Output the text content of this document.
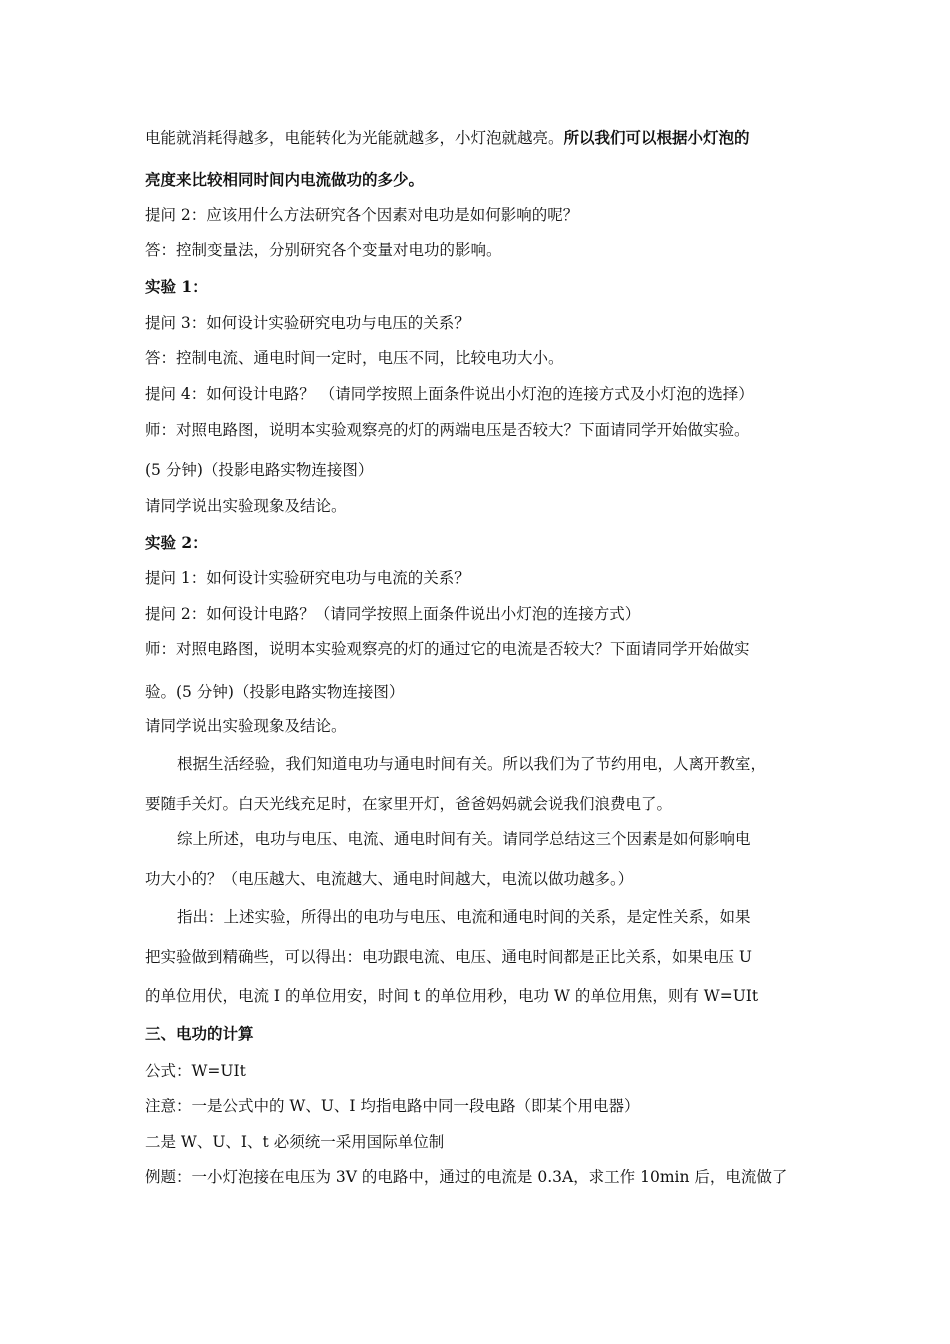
电能就消耗得越多，电能转化为光能就越多，小灯泡就越亮。所以我们可以根据小灯泡的
亮度来比较相同时间内电流做功的多少。
提问 2：应该用什么方法研究各个因素对电功是如何影响的呢？
答：控制变量法，分别研究各个变量对电功的影响。
实验 1：
提问 3：如何设计实验研究电功与电压的关系？
答：控制电流、通电时间一定时，电压不同，比较电功大小。
提问 4：如何设计电路？ （请同学按照上面条件说出小灯泡的连接方式及小灯泡的选择）
师：对照电路图，说明本实验观察亮的灯的两端电压是否较大？下面请同学开始做实验。
(5 分钟)（投影电路实物连接图）
请同学说出实验现象及结论。
实验 2：
提问 1：如何设计实验研究电功与电流的关系？
提问 2：如何设计电路？（请同学按照上面条件说出小灯泡的连接方式）
师：对照电路图，说明本实验观察亮的灯的通过它的电流是否较大？下面请同学开始做实
验。(5 分钟)（投影电路实物连接图）
请同学说出实验现象及结论。
根据生活经验，我们知道电功与通电时间有关。所以我们为了节约用电，人离开教室，
要随手关灯。白天光线充足时，在家里开灯，爸爸妈妈就会说我们浪费电了。
综上所述，电功与电压、电流、通电时间有关。请同学总结这三个因素是如何影响电
功大小的？（电压越大、电流越大、通电时间越大，电流以做功越多。）
指出：上述实验，所得出的电功与电压、电流和通电时间的关系，是定性关系，如果
把实验做到精确些，可以得出：电功跟电流、电压、通电时间都是正比关系，如果电压 U
的单位用伏，电流 I 的单位用安，时间 t 的单位用秒，电功 W 的单位用焦，则有 W=UIt
三、电功的计算
公式：W=UIt
注意：一是公式中的 W、U、I 均指电路中同一段电路（即某个用电器）
二是 W、U、I、t 必须统一采用国际单位制
例题：一小灯泡接在电压为 3V 的电路中，通过的电流是 0.3A，求工作 10min 后，电流做了
